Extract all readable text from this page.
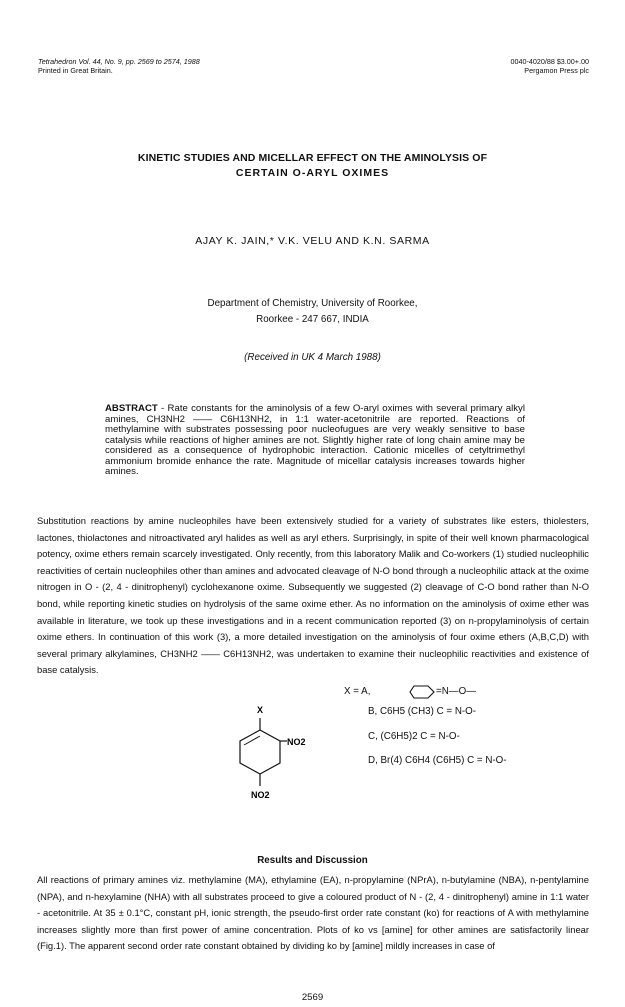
Tetrahedron Vol. 44, No. 9, pp. 2569 to 2574, 1988
Printed in Great Britain.
0040-4020/88 $3.00+.00
Pergamon Press plc
KINETIC STUDIES AND MICELLAR EFFECT ON THE AMINOLYSIS OF
CERTAIN O-ARYL OXIMES
AJAY K. JAIN,* V.K. VELU AND K.N. SARMA
Department of Chemistry, University of Roorkee,
Roorkee - 247 667, INDIA
(Received in UK 4 March 1988)
ABSTRACT - Rate constants for the aminolysis of a few O-aryl oximes with several primary alkyl amines, CH3NH2 —— C6H13NH2, in 1:1 water-acetonitrile are reported. Reactions of methylamine with substrates possessing poor nucleofugues are very weakly sensitive to base catalysis while reactions of higher amines are not. Slightly higher rate of long chain amine may be considered as a consequence of hydrophobic interaction. Cationic micelles of cetyltrimethyl ammonium bromide enhance the rate. Magnitude of micellar catalysis increases towards higher amines.

Substitution reactions by amine nucleophiles have been extensively studied for a variety of substrates like esters, thiolesters, lactones, thiolactones and nitroactivated aryl halides as well as aryl ethers. Surprisingly, in spite of their well known pharmacological potency, oxime ethers remain scarcely investigated. Only recently, from this laboratory Malik and Co-workers (1) studied nucleophilic reactivities of certain nucleophiles other than amines and advocated cleavage of N-O bond through a nucleophilic attack at the oxime nitrogen in O - (2, 4 - dinitrophenyl) cyclohexanone oxime. Subsequently we suggested (2) cleavage of C-O bond rather than N-O bond, while reporting kinetic studies on hydrolysis of the same oxime ether. As no information on the aminolysis of oxime ether was available in literature, we took up these investigations and in a recent communication reported (3) on n-propylaminolysis of certain oxime ethers. In continuation of this work (3), a more detailed investigation on the aminolysis of four oxime ethers (A,B,C,D) with several primary alkylamines, CH3NH2 —— C6H13NH2, was undertaken to examine their nucleophilic reactivities and existence of base catalysis.

X
NO2
NO2
=N—O—
X = A,
B, C6H5 (CH3) C = N-O-
C, (C6H5)2 C = N-O-
D, Br(4) C6H4 (C6H5) C = N-O-
Results and Discussion

All reactions of primary amines viz. methylamine (MA), ethylamine (EA), n-propylamine (NPrA), n-butylamine (NBA), n-pentylamine (NPA), and n-hexylamine (NHA) with all substrates proceed to give a coloured product of N - (2, 4 - dinitrophenyl) amine in 1:1 water - acetonitrile. At 35 ± 0.1°C, constant pH, ionic strength, the pseudo-first order rate constant (ko) for reactions of A with methylamine increases slightly more than first power of amine concentration. Plots of ko vs [amine] for other amines are satisfactorily linear (Fig.1). The apparent second order rate constant obtained by dividing ko by [amine] mildly increases in case of

2569
